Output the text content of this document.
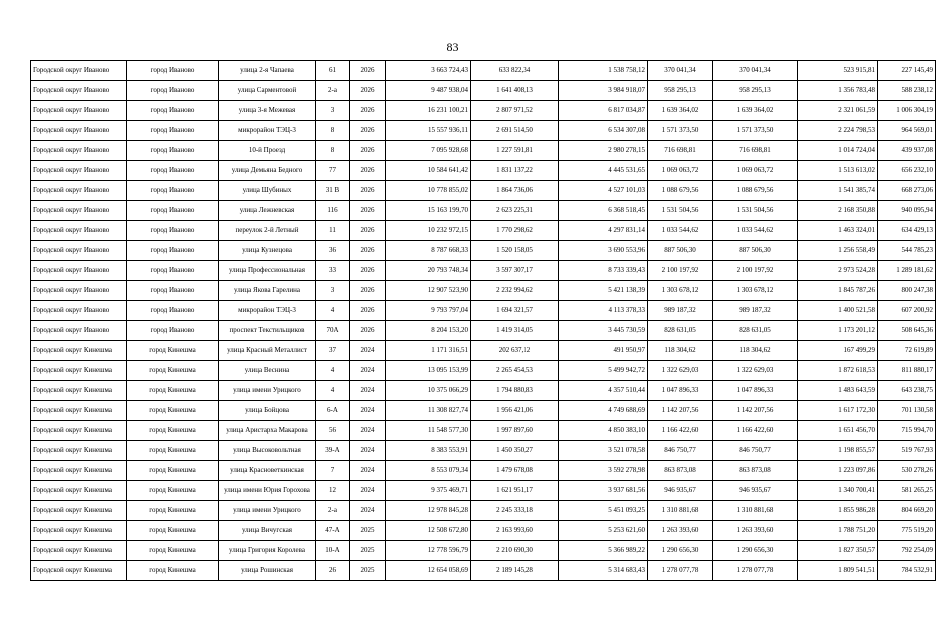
83
Городской округ Иваново	город Иваново	улица 2-я Чапаева	61	2026	3 663 724,43	633 822,34	1 538 758,12	370 041,34	370 041,34	523 915,81	227 145,49
Городской округ Иваново	город Иваново	улица Сарментовой	2-а	2026	9 487 938,04	1 641 408,13	3 984 918,07	958 295,13	958 295,13	1 356 783,48	588 238,12
Городской округ Иваново	город Иваново	улица 3-я Межевая	3	2026	16 231 100,21	2 807 971,52	6 817 034,87	1 639 364,02	1 639 364,02	2 321 061,59	1 006 304,19
Городской округ Иваново	город Иваново	микрорайон ТЭЦ-3	8	2026	15 557 936,11	2 691 514,50	6 534 307,08	1 571 373,50	1 571 373,50	2 224 798,53	964 569,01
Городской округ Иваново	город Иваново	10-й Проезд	8	2026	7 095 928,68	1 227 591,81	2 980 278,15	716 698,81	716 698,81	1 014 724,04	439 937,08
Городской округ Иваново	город Иваново	улица Демьяна Бедного	77	2026	10 584 641,42	1 831 137,22	4 445 531,65	1 069 063,72	1 069 063,72	1 513 613,02	656 232,10
Городской округ Иваново	город Иваново	улица Шубиных	31 В	2026	10 778 855,02	1 864 736,06	4 527 101,03	1 088 679,56	1 088 679,56	1 541 385,74	668 273,06
Городской округ Иваново	город Иваново	улица Лежневская	116	2026	15 163 199,70	2 623 225,31	6 368 518,45	1 531 504,56	1 531 504,56	2 168 350,88	940 095,94
Городской округ Иваново	город Иваново	переулок 2-й Летный	11	2026	10 232 972,15	1 770 298,62	4 297 831,14	1 033 544,62	1 033 544,62	1 463 324,01	634 429,13
Городской округ Иваново	город Иваново	улица Кузнецова	36	2026	8 787 668,33	1 520 158,05	3 690 553,96	887 506,30	887 506,30	1 256 558,49	544 785,23
Городской округ Иваново	город Иваново	улица Профессиональная	33	2026	20 793 748,34	3 597 307,17	8 733 339,43	2 100 197,92	2 100 197,92	2 973 524,28	1 289 181,62
Городской округ Иваново	город Иваново	улица Якова Гарелина	3	2026	12 907 523,90	2 232 994,62	5 421 138,39	1 303 678,12	1 303 678,12	1 845 787,26	800 247,38
Городской округ Иваново	город Иваново	микрорайон ТЭЦ-3	4	2026	9 793 797,04	1 694 321,57	4 113 378,33	989 187,32	989 187,32	1 400 521,58	607 200,92
Городской округ Иваново	город Иваново	проспект Текстильщиков	70А	2026	8 204 153,20	1 419 314,05	3 445 730,59	828 631,05	828 631,05	1 173 201,12	508 645,36
Городской округ Кинешма	город Кинешма	улица Красный Металлист	37	2024	1 171 316,51	202 637,12	491 950,97	118 304,62	118 304,62	167 499,29	72 619,89
Городской округ Кинешма	город Кинешма	улица Веснина	4	2024	13 095 153,99	2 265 454,53	5 499 942,72	1 322 629,03	1 322 629,03	1 872 618,53	811 880,17
Городской округ Кинешма	город Кинешма	улица имени Урицкого	4	2024	10 375 066,29	1 794 880,83	4 357 510,44	1 047 896,33	1 047 896,33	1 483 643,59	643 238,75
Городской округ Кинешма	город Кинешма	улица Бойцова	6-А	2024	11 308 827,74	1 956 421,06	4 749 688,69	1 142 207,56	1 142 207,56	1 617 172,30	701 130,58
Городской округ Кинешма	город Кинешма	улица Аристарха Макарова	56	2024	11 548 577,30	1 997 897,60	4 850 383,10	1 166 422,60	1 166 422,60	1 651 456,70	715 994,70
Городской округ Кинешма	город Кинешма	улица Высоковольтная	39-А	2024	8 383 553,91	1 450 350,27	3 521 078,58	846 750,77	846 750,77	1 198 855,57	519 767,93
Городской округ Кинешма	город Кинешма	улица Красноветкинская	7	2024	8 553 079,34	1 479 678,08	3 592 278,98	863 873,08	863 873,08	1 223 097,86	530 278,26
Городской округ Кинешма	город Кинешма	улица имени Юрия Горохова	12	2024	9 375 469,71	1 621 951,17	3 937 681,56	946 935,67	946 935,67	1 340 700,41	581 265,25
Городской округ Кинешма	город Кинешма	улица имени Урицкого	2-а	2024	12 978 845,28	2 245 333,18	5 451 093,25	1 310 881,68	1 310 881,68	1 855 986,28	804 669,20
Городской округ Кинешма	город Кинешма	улица Вичугская	47-А	2025	12 508 672,80	2 163 993,60	5 253 621,60	1 263 393,60	1 263 393,60	1 788 751,20	775 519,20
Городской округ Кинешма	город Кинешма	улица Григория Королева	10-А	2025	12 778 596,79	2 210 690,30	5 366 989,22	1 290 656,30	1 290 656,30	1 827 350,57	792 254,09
Городской округ Кинешма	город Кинешма	улица Рошинская	26	2025	12 654 058,69	2 189 145,28	5 314 683,43	1 278 077,78	1 278 077,78	1 809 541,51	784 532,91
